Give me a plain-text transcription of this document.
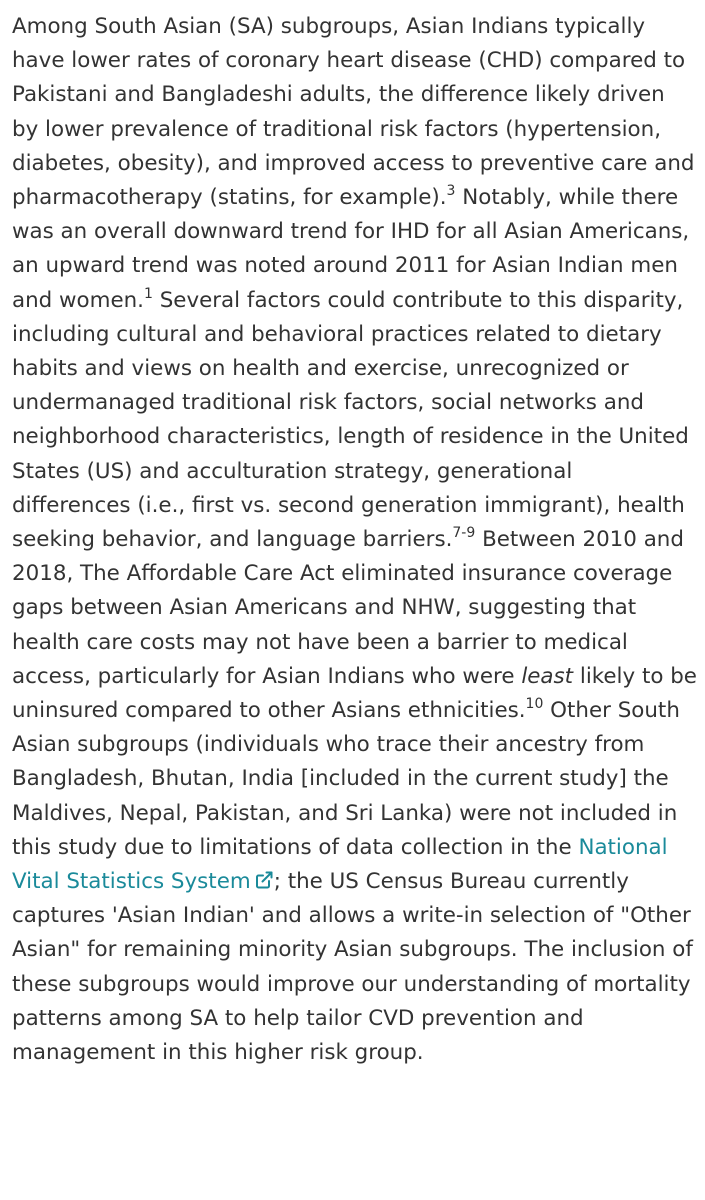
Among South Asian (SA) subgroups, Asian Indians typically have lower rates of coronary heart disease (CHD) compared to Pakistani and Bangladeshi adults, the difference likely driven by lower prevalence of traditional risk factors (hypertension, diabetes, obesity), and improved access to preventive care and pharmacotherapy (statins, for example).$^3$ Notably, while there was an overall downward trend for IHD for all Asian Americans, an upward trend was noted around 2011 for Asian Indian men and women.$^1$ Several factors could contribute to this disparity, including cultural and behavioral practices related to dietary habits and views on health and exercise, unrecognized or undermanaged traditional risk factors, social networks and neighborhood characteristics, length of residence in the United States (US) and acculturation strategy, generational differences (i.e., first vs. second generation immigrant), health seeking behavior, and language barriers.$^{7-9}$ Between 2010 and 2018, The Affordable Care Act eliminated insurance coverage gaps between Asian Americans and NHW, suggesting that health care costs may not have been a barrier to medical access, particularly for Asian Indians who were least likely to be uninsured compared to other Asians ethnicities.$^{10}$ Other South Asian subgroups (individuals who trace their ancestry from Bangladesh, Bhutan, India [included in the current study] the Maldives, Nepal, Pakistan, and Sri Lanka) were not included in this study due to limitations of data collection in the National Vital Statistics System ; the US Census Bureau currently captures 'Asian Indian' and allows a write-in selection of "Other Asian" for remaining minority Asian subgroups. The inclusion of these subgroups would improve our understanding of mortality patterns among SA to help tailor CVD prevention and management in this higher risk group.
